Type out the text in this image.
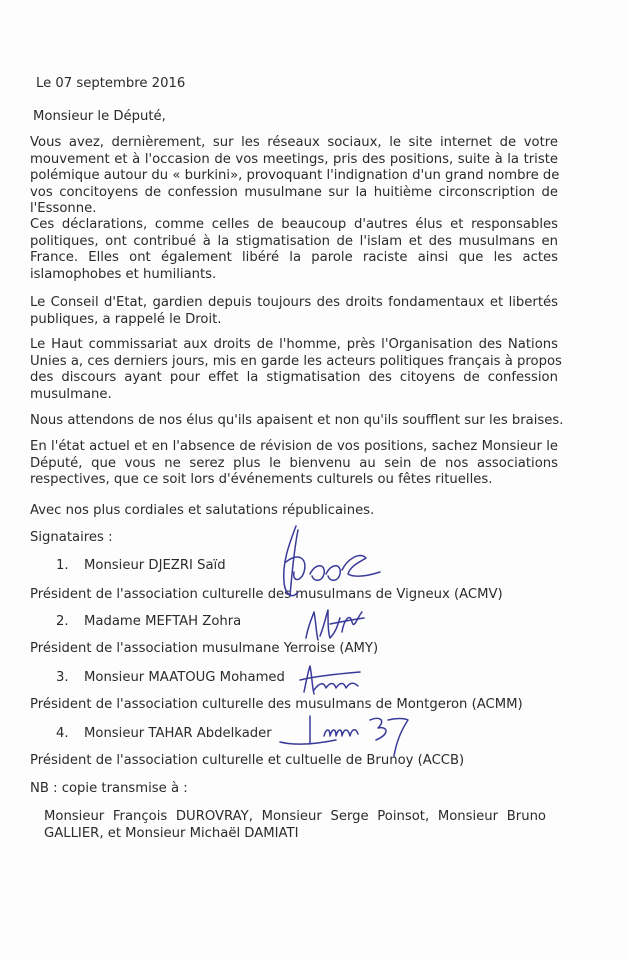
Le 07 septembre 2016
Monsieur le Député,
Vous avez, dernièrement, sur les réseaux sociaux, le site internet de votre
mouvement et à l'occasion de vos meetings, pris des positions, suite à la triste
polémique autour du « burkini», provoquant l'indignation d'un grand nombre de
vos concitoyens de confession musulmane sur la huitième circonscription de
l'Essonne.
Ces déclarations, comme celles de beaucoup d'autres élus et responsables
politiques, ont contribué à la stigmatisation de l'islam et des musulmans en
France. Elles ont également libéré la parole raciste ainsi que les actes
islamophobes et humiliants.
Le Conseil d'Etat, gardien depuis toujours des droits fondamentaux et libertés
publiques, a rappelé le Droit.
Le Haut commissariat aux droits de l'homme, près l'Organisation des Nations
Unies a, ces derniers jours, mis en garde les acteurs politiques français à propos
des discours ayant pour effet la stigmatisation des citoyens de confession
musulmane.
Nous attendons de nos élus qu'ils apaisent et non qu'ils soufflent sur les braises.
En l'état actuel et en l'absence de révision de vos positions, sachez Monsieur le
Député, que vous ne serez plus le bienvenu au sein de nos associations
respectives, que ce soit lors d'événements culturels ou fêtes rituelles.
Avec nos plus cordiales et salutations républicaines.
Signataires :
1. Monsieur DJEZRI Saïd
Président de l'association culturelle des musulmans de Vigneux (ACMV)
2. Madame MEFTAH Zohra
Président de l'association musulmane Yerroise (AMY)
3. Monsieur MAATOUG Mohamed
Président de l'association culturelle des musulmans de Montgeron (ACMM)
4. Monsieur TAHAR Abdelkader
Président de l'association culturelle et cultuelle de Brunoy (ACCB)
NB : copie transmise à :
Monsieur François DUROVRAY, Monsieur Serge Poinsot, Monsieur Bruno
GALLIER, et Monsieur Michaël DAMIATI
